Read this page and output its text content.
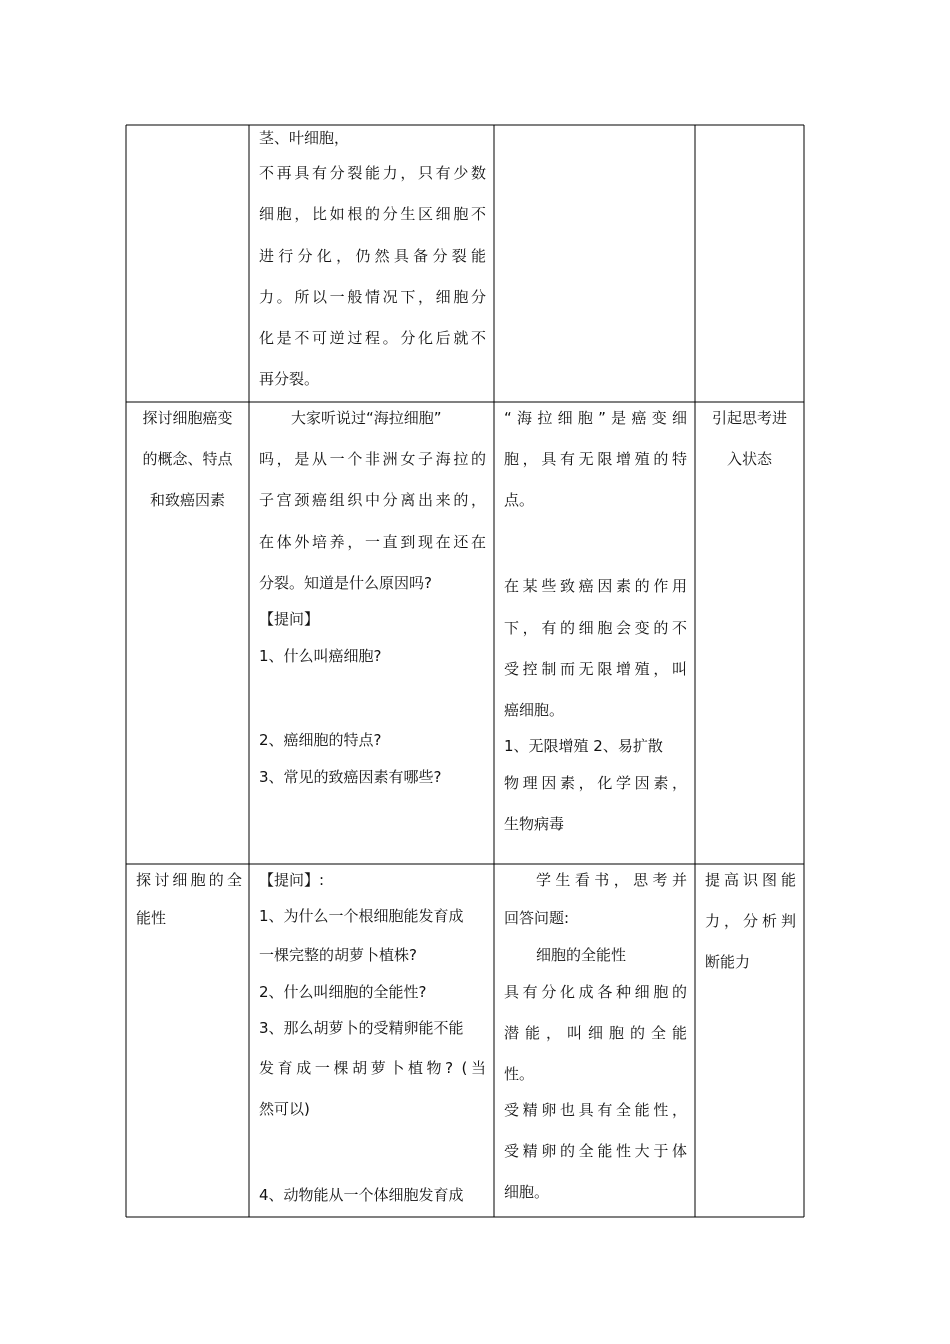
茎、叶细胞，
不再具有分裂能力，只有少数
细胞，比如根的分生区细胞不
进行分化，仍然具备分裂能
力。所以一般情况下，细胞分
化是不可逆过程。分化后就不
再分裂。
探讨细胞癌变
的概念、特点
和致癌因素
大家听说过“海拉细胞”
吗，是从一个非洲女子海拉的
子宫颈癌组织中分离出来的，
在体外培养，一直到现在还在
分裂。知道是什么原因吗?
【提问】
1、什么叫癌细胞?
2、癌细胞的特点?
3、常见的致癌因素有哪些?
“海拉细胞”是癌变细
胞，具有无限增殖的特
点。
在某些致癌因素的作用
下，有的细胞会变的不
受控制而无限增殖，叫
癌细胞。
1、无限增殖 2、易扩散
物理因素，化学因素，
生物病毒
引起思考进
入状态
探讨细胞的全
能性
【提问】:
1、为什么一个根细胞能发育成
一棵完整的胡萝卜植株?
2、什么叫细胞的全能性?
3、那么胡萝卜的受精卵能不能
发育成一棵胡萝卜植物? (当
然可以)
4、动物能从一个体细胞发育成
学生看书，思考并
回答问题:
细胞的全能性
具有分化成各种细胞的
潜能，叫细胞的全能
性。
受精卵也具有全能性，
受精卵的全能性大于体
细胞。
提高识图能
力，分析判
断能力
